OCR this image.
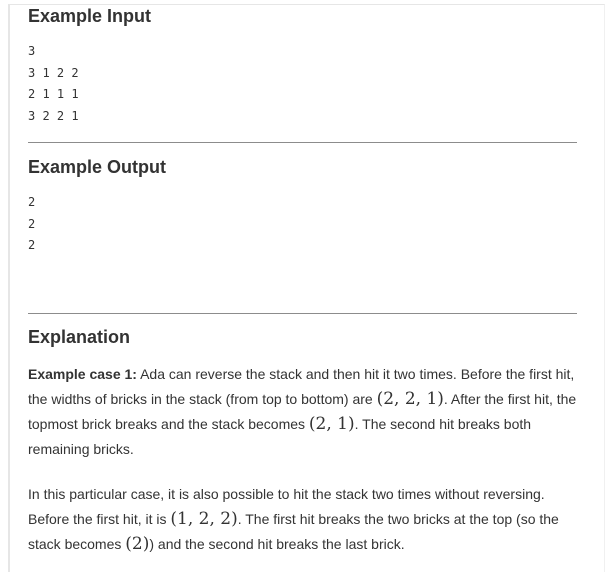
Example Input
3
3 1 2 2
2 1 1 1
3 2 2 1
Example Output
2
2
2
Explanation

Example case 1: Ada can reverse the stack and then hit it two times. Before the first hit, the widths of bricks in the stack (from top to bottom) are (2, 2, 1). After the first hit, the topmost brick breaks and the stack becomes (2, 1). The second hit breaks both remaining bricks.

In this particular case, it is also possible to hit the stack two times without reversing. Before the first hit, it is (1, 2, 2). The first hit breaks the two bricks at the top (so the stack becomes (2)) and the second hit breaks the last brick.
